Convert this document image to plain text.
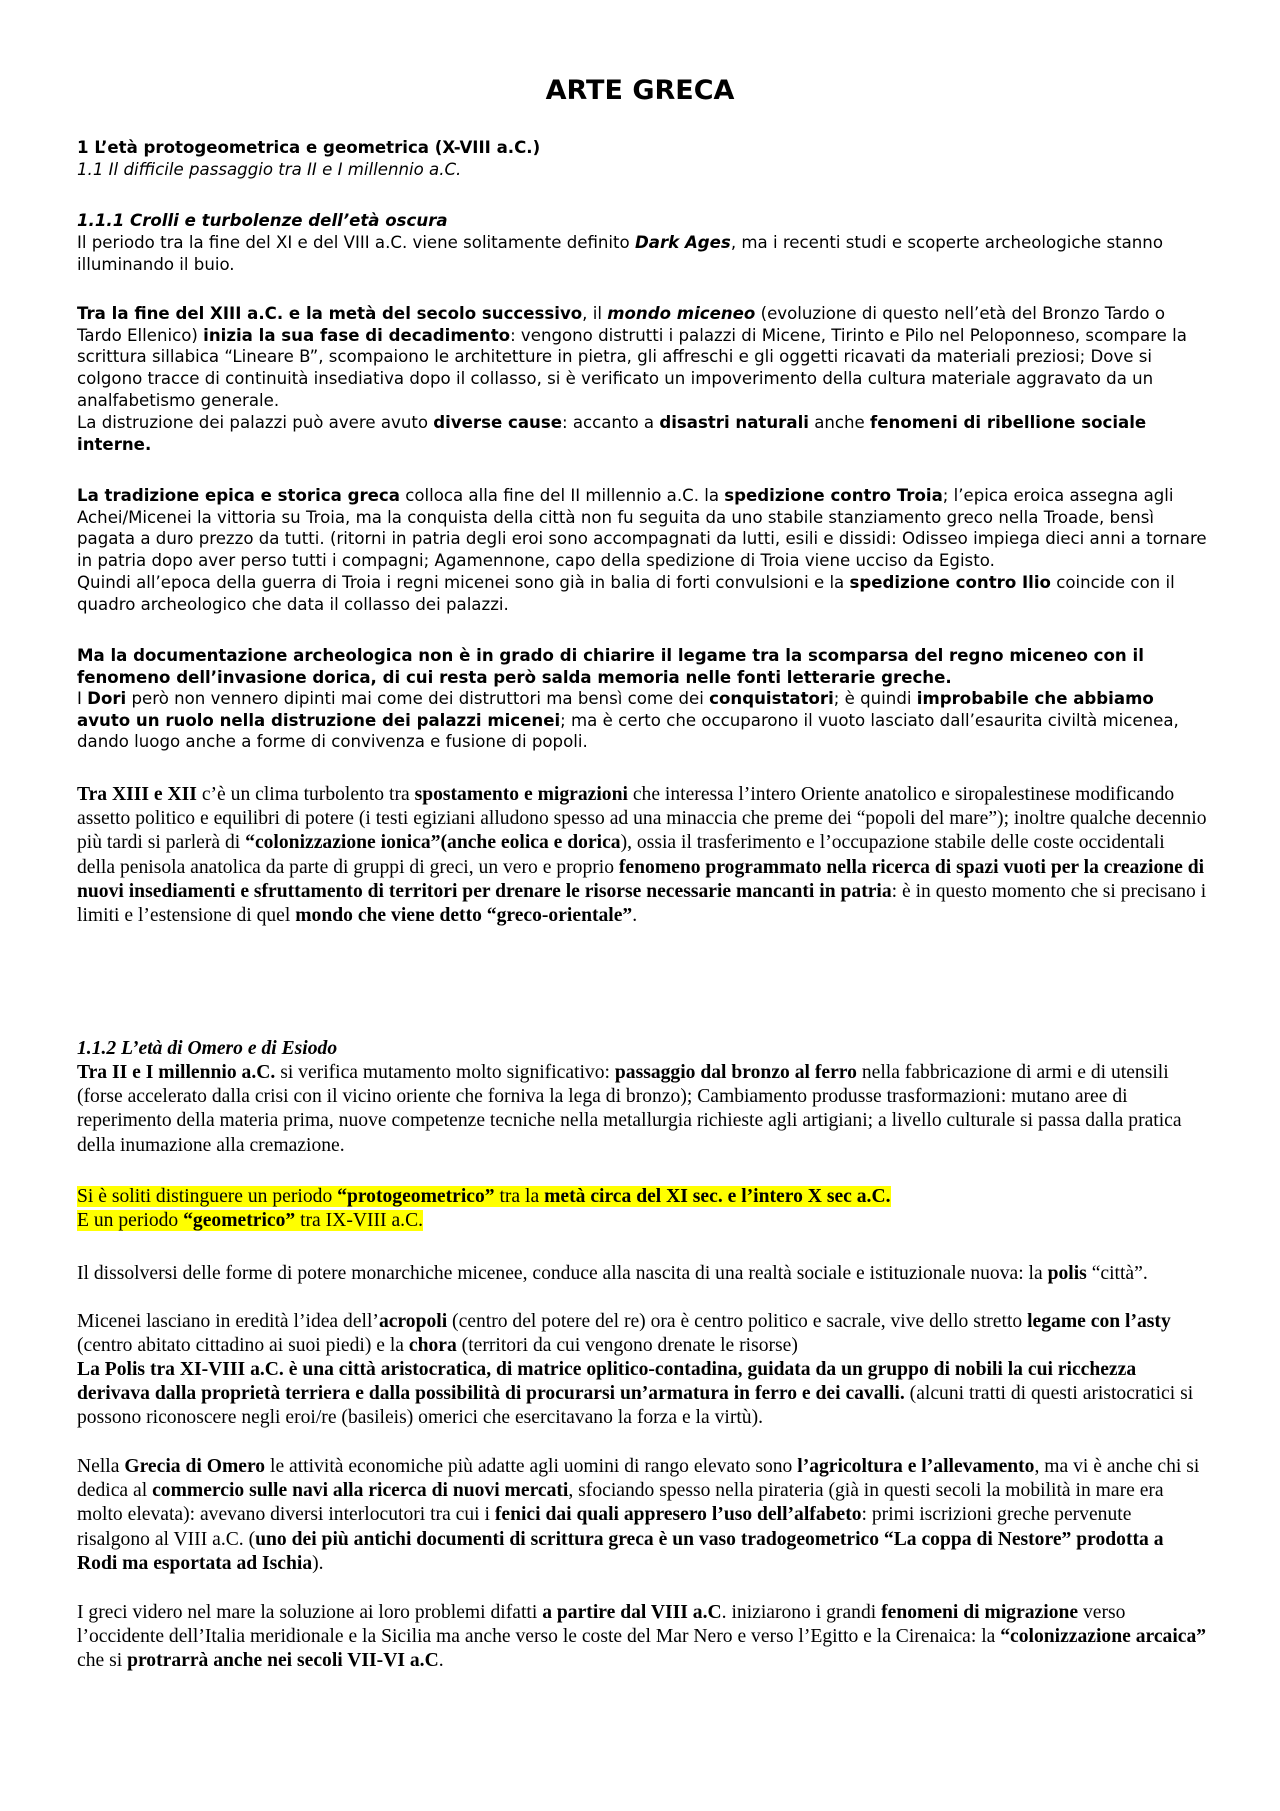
ARTE GRECA

1 L’età protogeometrica e geometrica (X-VIII a.C.)

1.1 Il difficile passaggio tra II e I millennio a.C.

1.1.1 Crolli e turbolenze dell’età oscura

Il periodo tra la fine del XI e del VIII a.C. viene solitamente definito Dark Ages, ma i recenti studi e scoperte archeologiche stanno illuminando il buio.

Tra la fine del XIII a.C. e la metà del secolo successivo, il mondo miceneo (evoluzione di questo nell’età del Bronzo Tardo o Tardo Ellenico) inizia la sua fase di decadimento: vengono distrutti i palazzi di Micene, Tirinto e Pilo nel Peloponneso, scompare la scrittura sillabica “Lineare B”, scompaiono le architetture in pietra, gli affreschi e gli oggetti ricavati da materiali preziosi; Dove si colgono tracce di continuità insediativa dopo il collasso, si è verificato un impoverimento della cultura materiale aggravato da un analfabetismo generale.

La distruzione dei palazzi può avere avuto diverse cause: accanto a disastri naturali anche fenomeni di ribellione sociale interne.

La tradizione epica e storica greca colloca alla fine del II millennio a.C. la spedizione contro Troia; l’epica eroica assegna agli Achei/Micenei la vittoria su Troia, ma la conquista della città non fu seguita da uno stabile stanziamento greco nella Troade, bensì pagata a duro prezzo da tutti. (ritorni in patria degli eroi sono accompagnati da lutti, esili e dissidi: Odisseo impiega dieci anni a tornare in patria dopo aver perso tutti i compagni; Agamennone, capo della spedizione di Troia viene ucciso da Egisto.

Quindi all’epoca della guerra di Troia i regni micenei sono già in balia di forti convulsioni e la spedizione contro Ilio coincide con il quadro archeologico che data il collasso dei palazzi.

Ma la documentazione archeologica non è in grado di chiarire il legame tra la scomparsa del regno miceneo con il fenomeno dell’invasione dorica, di cui resta però salda memoria nelle fonti letterarie greche.

I Dori però non vennero dipinti mai come dei distruttori ma bensì come dei conquistatori; è quindi improbabile che abbiamo avuto un ruolo nella distruzione dei palazzi micenei; ma è certo che occuparono il vuoto lasciato dall’esaurita civiltà micenea, dando luogo anche a forme di convivenza e fusione di popoli.

Tra XIII e XII c’è un clima turbolento tra spostamento e migrazioni che interessa l’intero Oriente anatolico e siropalestinese modificando assetto politico e equilibri di potere (i testi egiziani alludono spesso ad una minaccia che preme dei “popoli del mare”); inoltre qualche decennio più tardi si parlerà di “colonizzazione ionica”(anche eolica e dorica), ossia il trasferimento e l’occupazione stabile delle coste occidentali della penisola anatolica da parte di gruppi di greci, un vero e proprio fenomeno programmato nella ricerca di spazi vuoti per la creazione di nuovi insediamenti e sfruttamento di territori per drenare le risorse necessarie mancanti in patria: è in questo momento che si precisano i limiti e l’estensione di quel mondo che viene detto “greco-orientale”.

1.1.2 L’età di Omero e di Esiodo

Tra II e I millennio a.C. si verifica mutamento molto significativo: passaggio dal bronzo al ferro nella fabbricazione di armi e di utensili (forse accelerato dalla crisi con il vicino oriente che forniva la lega di bronzo); Cambiamento produsse trasformazioni: mutano aree di reperimento della materia prima, nuove competenze tecniche nella metallurgia richieste agli artigiani; a livello culturale si passa dalla pratica della inumazione alla cremazione.

Si è soliti distinguere un periodo “protogeometrico” tra la metà circa del XI sec. e l’intero X sec a.C.
E un periodo “geometrico” tra IX-VIII a.C.

Il dissolversi delle forme di potere monarchiche micenee, conduce alla nascita di una realtà sociale e istituzionale nuova: la polis “città”.

Micenei lasciano in eredità l’idea dell’acropoli (centro del potere del re) ora è centro politico e sacrale, vive dello stretto legame con l’asty (centro abitato cittadino ai suoi piedi) e la chora (territori da cui vengono drenate le risorse)

La Polis tra XI-VIII a.C. è una città aristocratica, di matrice oplitico-contadina, guidata da un gruppo di nobili la cui ricchezza derivava dalla proprietà terriera e dalla possibilità di procurarsi un’armatura in ferro e dei cavalli. (alcuni tratti di questi aristocratici si possono riconoscere negli eroi/re (basileis) omerici che esercitavano la forza e la virtù).

Nella Grecia di Omero le attività economiche più adatte agli uomini di rango elevato sono l’agricoltura e l’allevamento, ma vi è anche chi si dedica al commercio sulle navi alla ricerca di nuovi mercati, sfociando spesso nella pirateria (già in questi secoli la mobilità in mare era molto elevata): avevano diversi interlocutori tra cui i fenici dai quali appresero l’uso dell’alfabeto: primi iscrizioni greche pervenute risalgono al VIII a.C. (uno dei più antichi documenti di scrittura greca è un vaso tradogeometrico “La coppa di Nestore” prodotta a Rodi ma esportata ad Ischia).

I greci videro nel mare la soluzione ai loro problemi difatti a partire dal VIII a.C. iniziarono i grandi fenomeni di migrazione verso l’occidente dell’Italia meridionale e la Sicilia ma anche verso le coste del Mar Nero e verso l’Egitto e la Cirenaica: la “colonizzazione arcaica” che si protrarrà anche nei secoli VII-VI a.C.
